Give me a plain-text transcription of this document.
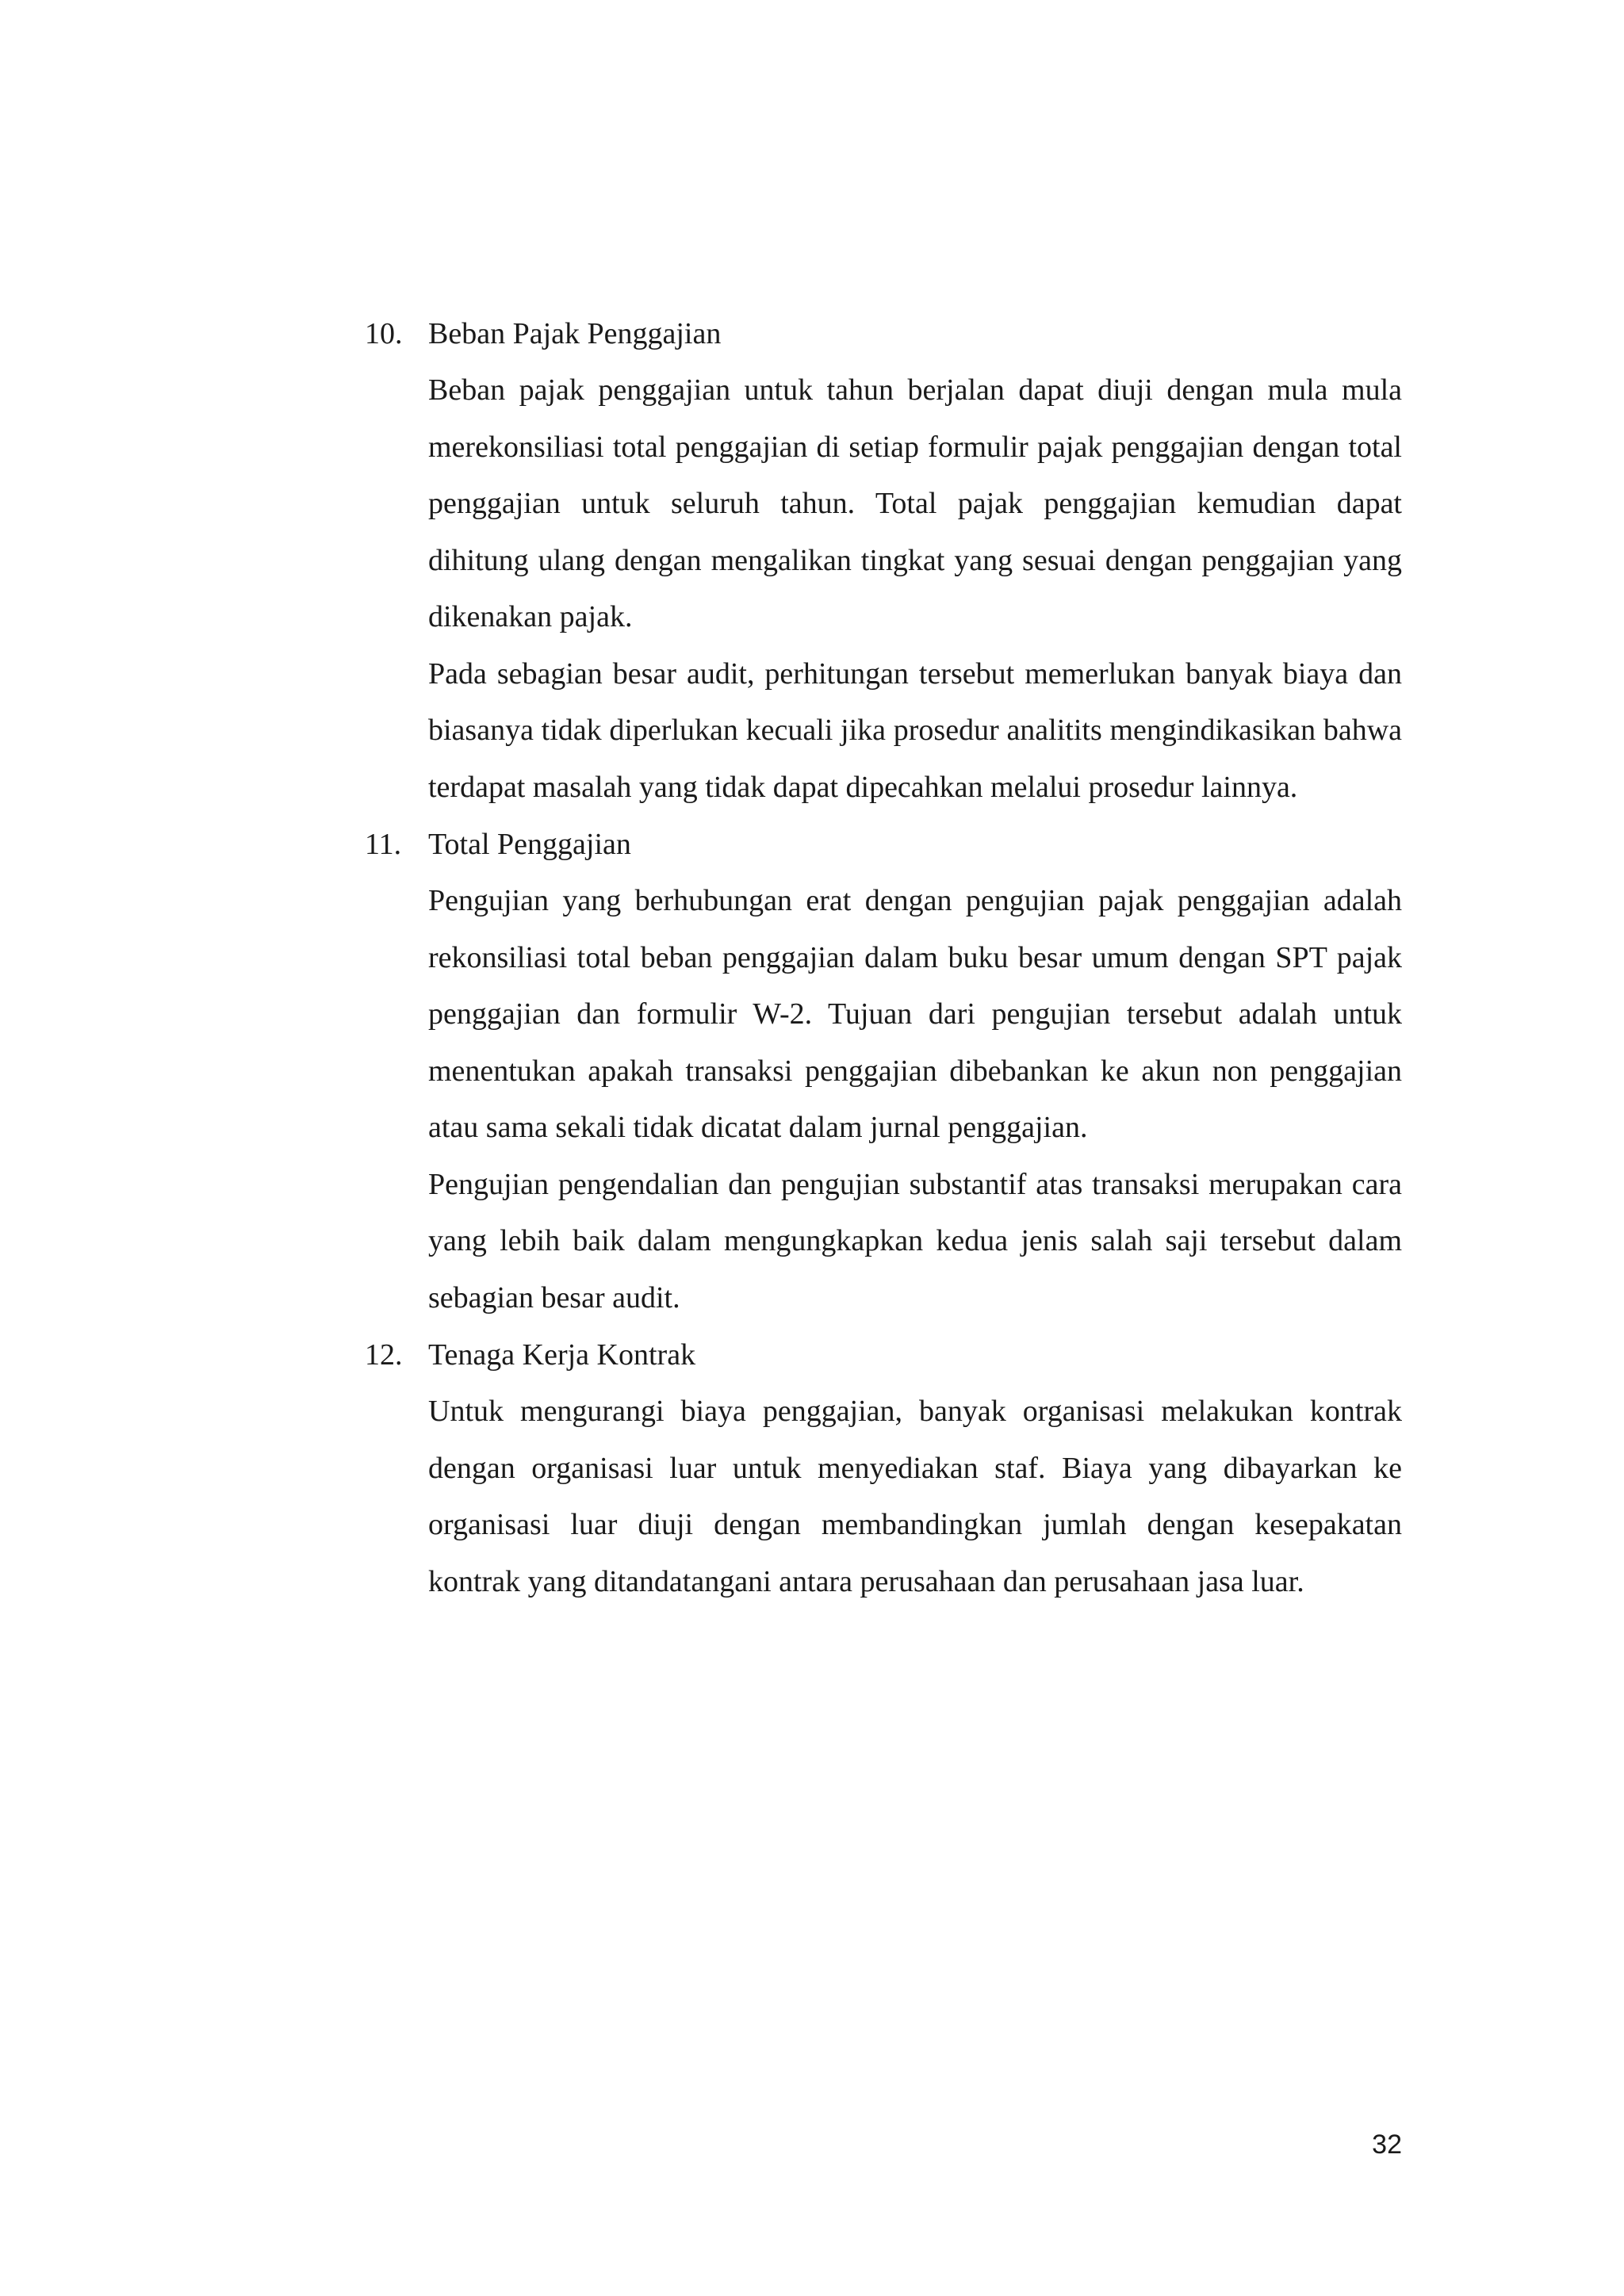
10. Beban Pajak Penggajian

Beban pajak penggajian untuk tahun berjalan dapat diuji dengan mula mula merekonsiliasi total penggajian di setiap formulir pajak penggajian dengan total penggajian untuk seluruh tahun. Total pajak penggajian kemudian dapat dihitung ulang dengan mengalikan tingkat yang sesuai dengan penggajian yang dikenakan pajak.

Pada sebagian besar audit, perhitungan tersebut memerlukan banyak biaya dan biasanya tidak diperlukan kecuali jika prosedur analitits mengindikasikan bahwa terdapat masalah yang tidak dapat dipecahkan melalui prosedur lainnya.

11. Total Penggajian

Pengujian yang berhubungan erat dengan pengujian pajak penggajian adalah rekonsiliasi total beban penggajian dalam buku besar umum dengan SPT pajak penggajian dan formulir W-2. Tujuan dari pengujian tersebut adalah untuk menentukan apakah transaksi penggajian dibebankan ke akun non penggajian atau sama sekali tidak dicatat dalam jurnal penggajian.

Pengujian pengendalian dan pengujian substantif atas transaksi merupakan cara yang lebih baik dalam mengungkapkan kedua jenis salah saji tersebut dalam sebagian besar audit.

12. Tenaga Kerja Kontrak

Untuk mengurangi biaya penggajian, banyak organisasi melakukan kontrak dengan organisasi luar untuk menyediakan staf. Biaya yang dibayarkan ke organisasi luar diuji dengan membandingkan jumlah dengan kesepakatan kontrak yang ditandatangani antara perusahaan dan perusahaan jasa luar.

32
